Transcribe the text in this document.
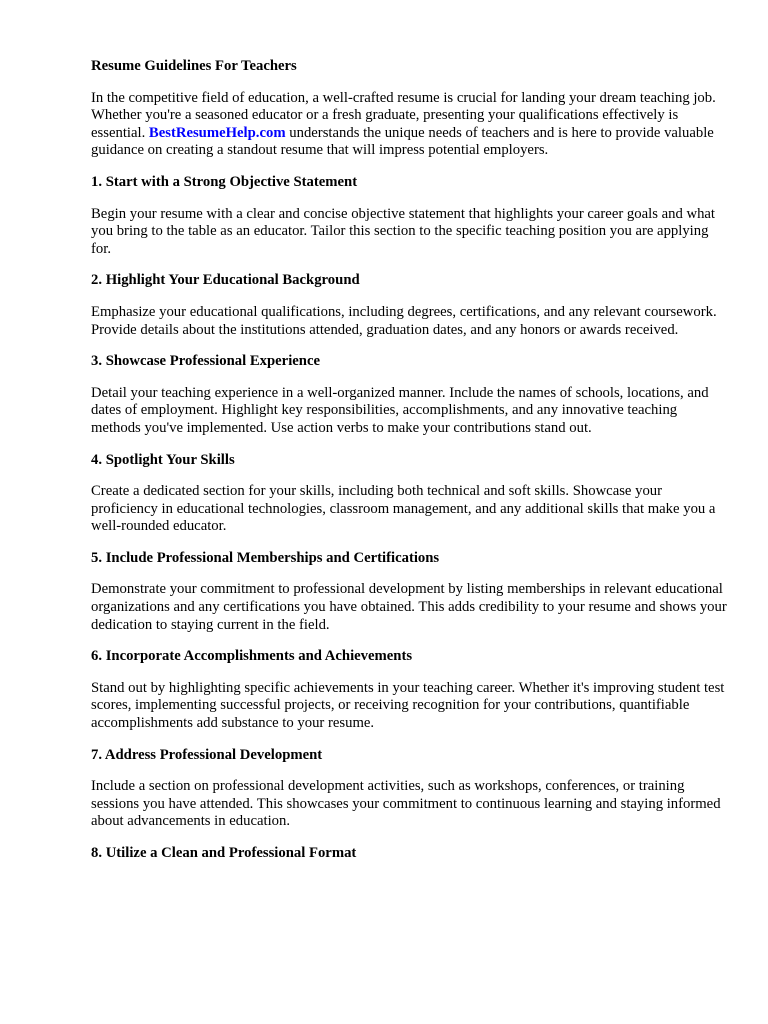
Resume Guidelines For Teachers

In the competitive field of education, a well-crafted resume is crucial for landing your dream teaching job. Whether you're a seasoned educator or a fresh graduate, presenting your qualifications effectively is essential. BestResumeHelp.com understands the unique needs of teachers and is here to provide valuable guidance on creating a standout resume that will impress potential employers.

1. Start with a Strong Objective Statement

Begin your resume with a clear and concise objective statement that highlights your career goals and what you bring to the table as an educator. Tailor this section to the specific teaching position you are applying for.

2. Highlight Your Educational Background

Emphasize your educational qualifications, including degrees, certifications, and any relevant coursework. Provide details about the institutions attended, graduation dates, and any honors or awards received.

3. Showcase Professional Experience

Detail your teaching experience in a well-organized manner. Include the names of schools, locations, and dates of employment. Highlight key responsibilities, accomplishments, and any innovative teaching methods you've implemented. Use action verbs to make your contributions stand out.

4. Spotlight Your Skills

Create a dedicated section for your skills, including both technical and soft skills. Showcase your proficiency in educational technologies, classroom management, and any additional skills that make you a well-rounded educator.

5. Include Professional Memberships and Certifications

Demonstrate your commitment to professional development by listing memberships in relevant educational organizations and any certifications you have obtained. This adds credibility to your resume and shows your dedication to staying current in the field.

6. Incorporate Accomplishments and Achievements

Stand out by highlighting specific achievements in your teaching career. Whether it's improving student test scores, implementing successful projects, or receiving recognition for your contributions, quantifiable accomplishments add substance to your resume.

7. Address Professional Development

Include a section on professional development activities, such as workshops, conferences, or training sessions you have attended. This showcases your commitment to continuous learning and staying informed about advancements in education.

8. Utilize a Clean and Professional Format
